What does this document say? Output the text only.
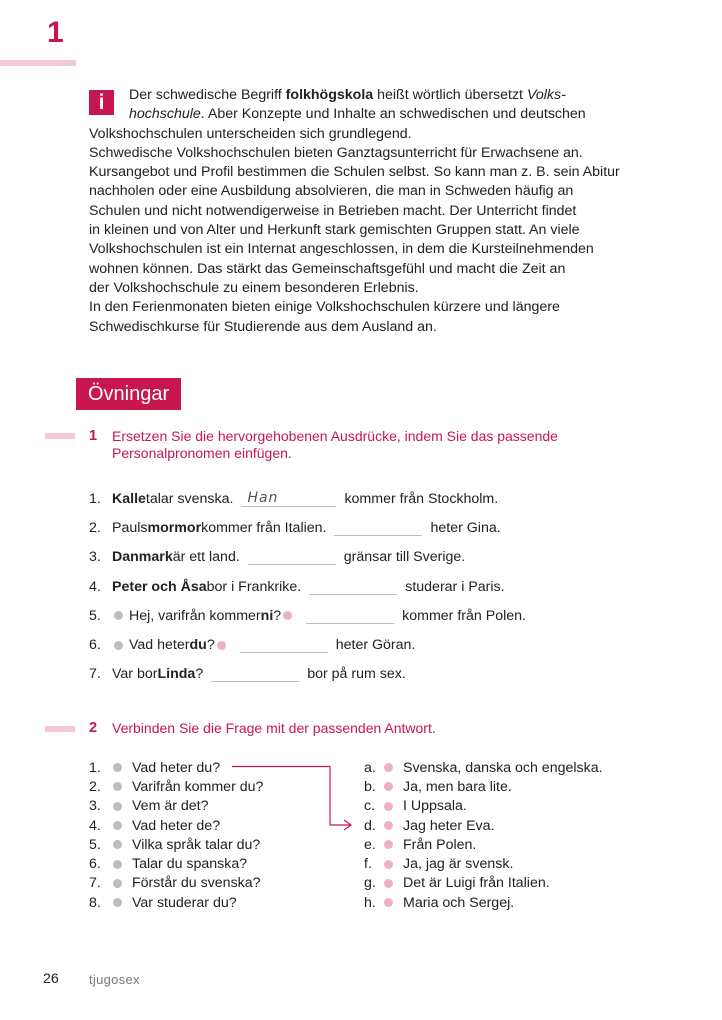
1
i	Der schwedische Begriff folkhögskola heißt wörtlich übersetzt Volks-
hochschule. Aber Konzepte und Inhalte an schwedischen und deutschen
Volkshochschulen unterscheiden sich grundlegend.
Schwedische Volkshochschulen bieten Ganztagsunterricht für Erwachsene an.
Kursangebot und Profil bestimmen die Schulen selbst. So kann man z. B. sein Abitur
nachholen oder eine Ausbildung absolvieren, die man in Schweden häufig an
Schulen und nicht notwendigerweise in Betrieben macht. Der Unterricht findet
in kleinen und von Alter und Herkunft stark gemischten Gruppen statt. An viele
Volkshochschulen ist ein Internat angeschlossen, in dem die Kursteilnehmenden
wohnen können. Das stärkt das Gemeinschaftsgefühl und macht die Zeit an
der Volkshochschule zu einem besonderen Erlebnis.
In den Ferienmonaten bieten einige Volkshochschulen kürzere und längere
Schwedischkurse für Studierende aus dem Ausland an.
Övningar
1 Ersetzen Sie die hervorgehobenen Ausdrücke, indem Sie das passende Personalpronomen einfügen.
1. Kalle talar svenska. Han	kommer från Stockholm.
2. Pauls mormor kommer från Italien.	heter Gina.
3. Danmark är ett land.	gränsar till Sverige.
4. Peter och Åsa bor i Frankrike.	studerar i Paris.
5.	Hej, varifrån kommer ni ?	kommer från Polen.
6.	Vad heter du ?	heter Göran.
7. Var bor Linda ?	bor på rum sex.
2 Verbinden Sie die Frage mit der passenden Antwort.
1.	Vad heter du?
2.	Varifrån kommer du?
3.	Vem är det?
4.	Vad heter de?
5.	Vilka språk talar du?
6.	Talar du spanska?
7.	Förstår du svenska?
8.	Var studerar du?
a.	Svenska, danska och engelska.
b.	Ja, men bara lite.
c.	I Uppsala.
d.	Jag heter Eva.
e.	Från Polen.
f.	Ja, jag är svensk.
g.	Det är Luigi från Italien.
h.	Maria och Sergej.
26 tjugosex
